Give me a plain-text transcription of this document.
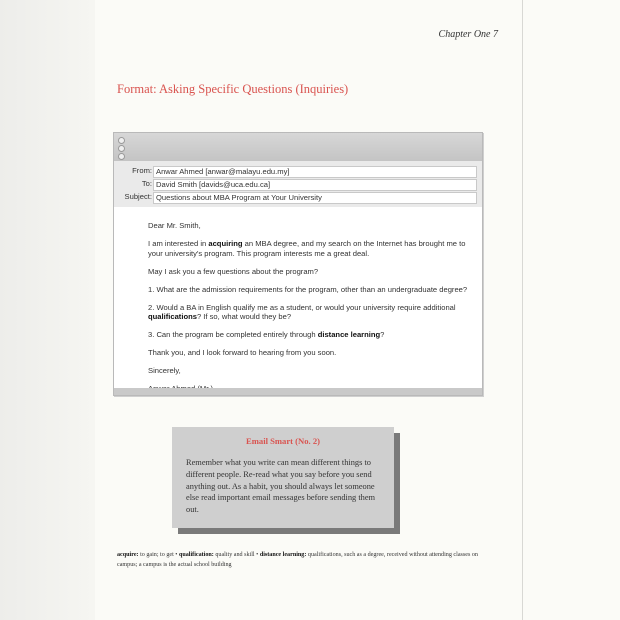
Chapter One 7
Format: Asking Specific Questions (Inquiries)
From: Anwar Ahmed [anwar@malayu.edu.my]
To: David Smith [davids@uca.edu.ca]
Subject: Questions about MBA Program at Your University

Dear Mr. Smith,

I am interested in acquiring an MBA degree, and my search on the Internet has brought me to your university's program. This program interests me a great deal.

May I ask you a few questions about the program?

1. What are the admission requirements for the program, other than an undergraduate degree?

2. Would a BA in English qualify me as a student, or would your university require additional qualifications? If so, what would they be?

3. Can the program be completed entirely through distance learning?

Thank you, and I look forward to hearing from you soon.

Sincerely,

Email Smart (No. 2)
Remember what you write can mean different things to different people. Re-read what you say before you send anything out. As a habit, you should always let someone else read important email messages before sending them out.
acquire: to gain; to get • qualification: quality and skill • distance learning: qualifications, such as a degree, received without attending classes on campus; a campus is the actual school building
